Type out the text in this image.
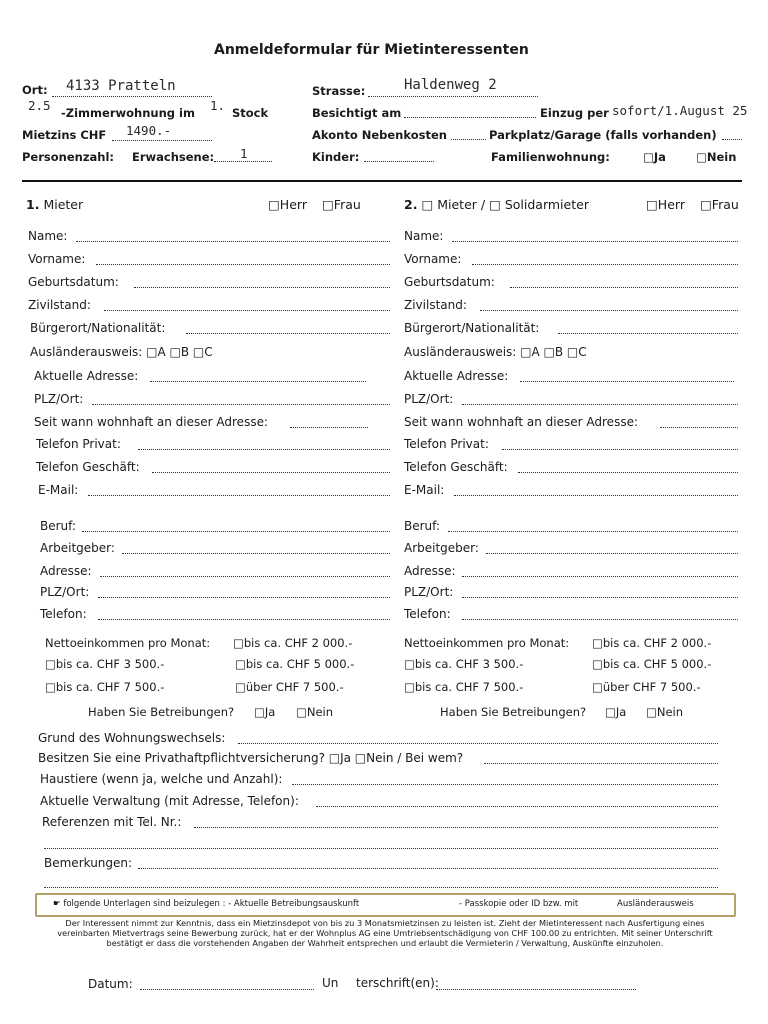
Anmeldeformular für Mietinteressenten
Ort: 4133 Pratteln	Strasse:	Haldenweg 2
2.5 -Zimmerwohnung im 1. Stock	Besichtigt am	Einzug per sofort/1.August 25
Mietzins CHF 1490.-	Akonto Nebenkosten	Parkplatz/Garage (falls vorhanden)
Personenzahl: Erwachsene: 1	Kinder:	Familienwohnung:	□Ja	□Nein
1. Mieter	□Herr □Frau	2. □ Mieter / □ Solidarmieter	□Herr □Frau
Name:
Vorname:
Geburtsdatum:
Zivilstand:
Bürgerort/Nationalität:
Ausländerausweis: □A □B □C
Aktuelle Adresse:
PLZ/Ort:
Seit wann wohnhaft an dieser Adresse:
Telefon Privat:
Telefon Geschäft:
E-Mail:
Beruf:
Arbeitgeber:
Adresse:
PLZ/Ort:
Telefon:
Nettoeinkommen pro Monat: □bis ca. CHF 2 000.-
□bis ca. CHF 3 500.-	□bis ca. CHF 5 000.-
□bis ca. CHF 7 500.-	□über CHF 7 500.-
Haben Sie Betreibungen? □Ja □Nein
Name:
Vorname:
Geburtsdatum:
Zivilstand:
Bürgerort/Nationalität:
Ausländerausweis: □A □B □C
Aktuelle Adresse:
PLZ/Ort:
Seit wann wohnhaft an dieser Adresse:
Telefon Privat:
Telefon Geschäft:
E-Mail:
Beruf:
Arbeitgeber:
Adresse:
PLZ/Ort:
Telefon:
Nettoeinkommen pro Monat: □bis ca. CHF 2 000.-
□bis ca. CHF 3 500.-	□bis ca. CHF 5 000.-
□bis ca. CHF 7 500.-	□über CHF 7 500.-
Haben Sie Betreibungen? □Ja □Nein
Grund des Wohnungswechsels:
Besitzen Sie eine Privathaftpflichtversicherung? □Ja □Nein / Bei wem?
Haustiere (wenn ja, welche und Anzahl):
Aktuelle Verwaltung (mit Adresse, Telefon):
Referenzen mit Tel. Nr.:
Bemerkungen:
☛ folgende Unterlagen sind beizulegen : - Aktuelle Betreibungsauskunft	- Passkopie oder ID bzw. mit	Ausländerausweis
Der Interessent nimmt zur Kenntnis, dass ein Mietzinsdepot von bis zu 3 Monatsmietzinsen zu leisten ist. Zieht der Mietinteressent nach Ausfertigung eines vereinbarten Mietvertrags seine Bewerbung zurück, hat er der Wohnplus AG eine Umtriebsentschädigung von CHF 100.00 zu entrichten. Mit seiner Unterschrift bestätigt er dass die vorstehenden Angaben der Wahrheit entsprechen und erlaubt die Vermieterin / Verwaltung, Auskünfte einzuholen.
Datum:	Un terschrift(en):
